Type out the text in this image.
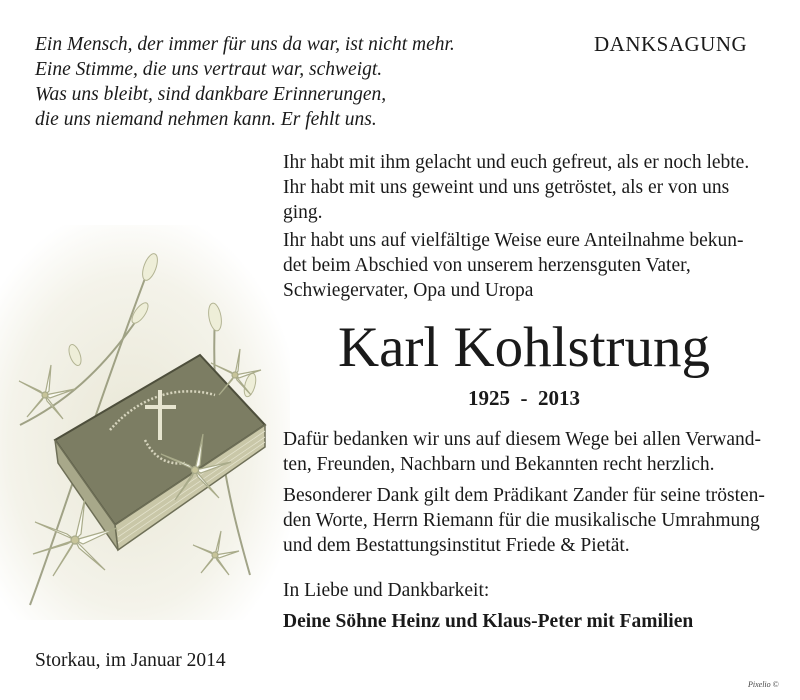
Ein Mensch, der immer für uns da war, ist nicht mehr.
Eine Stimme, die uns vertraut war, schweigt.
Was uns bleibt, sind dankbare Erinnerungen,
die uns niemand nehmen kann. Er fehlt uns.
DANKSAGUNG
Ihr habt mit ihm gelacht und euch gefreut, als er noch lebte.
Ihr habt mit uns geweint und uns getröstet, als er von uns
ging.
Ihr habt uns auf vielfältige Weise eure Anteilnahme bekun-
det beim Abschied von unserem herzensguten Vater,
Schwiegervater, Opa und Uropa
Karl Kohlstrung
1925  -  2013
Dafür bedanken wir uns auf diesem Wege bei allen Verwand-
ten, Freunden, Nachbarn und Bekannten recht herzlich.
Besonderer Dank gilt dem Prädikant Zander für seine trösten-
den Worte, Herrn Riemann für die musikalische Umrahmung
und dem Bestattungsinstitut Friede & Pietät.
In Liebe und Dankbarkeit:
Deine Söhne Heinz und Klaus-Peter mit Familien
Storkau, im Januar 2014
Pixelio ©
